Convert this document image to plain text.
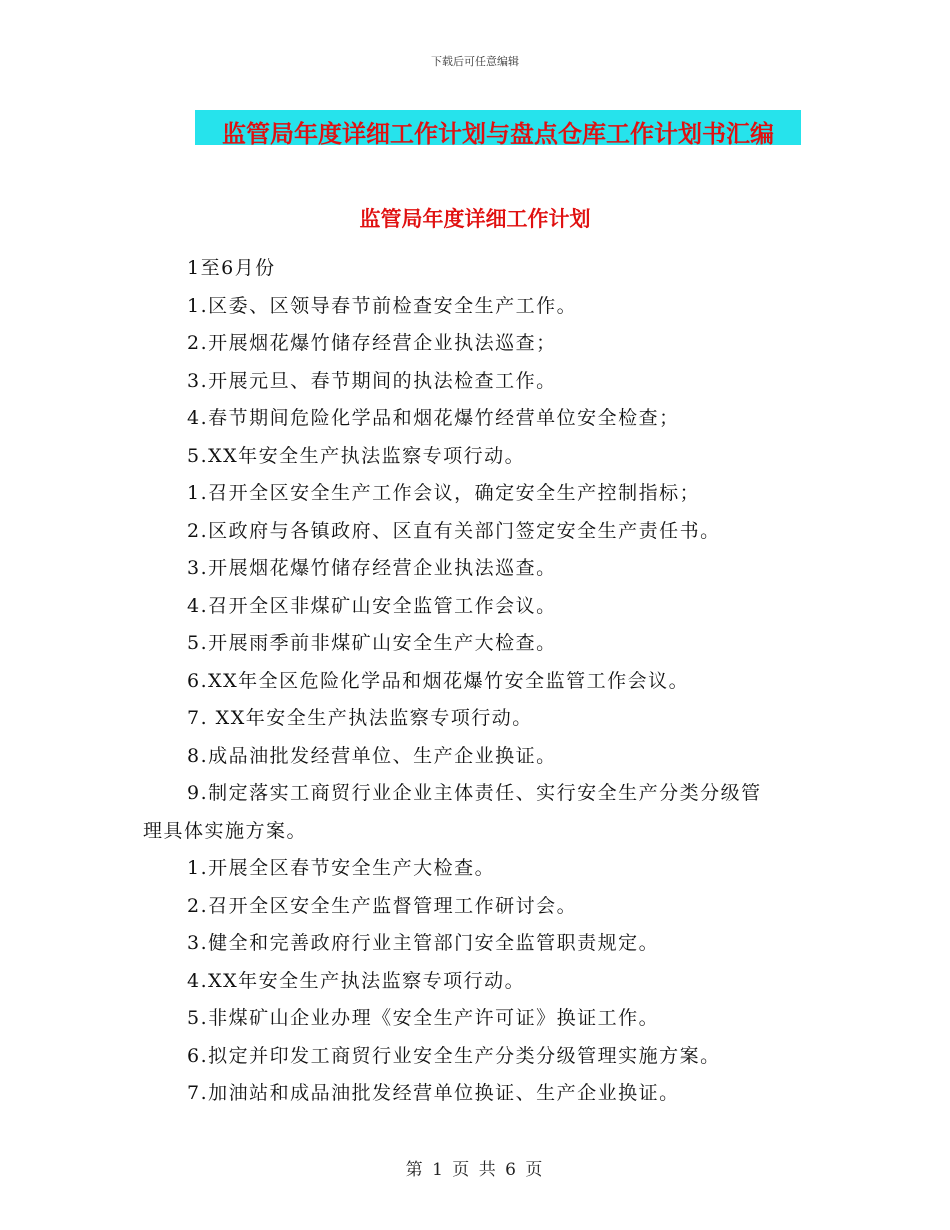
下载后可任意编辑
监管局年度详细工作计划与盘点仓库工作计划书汇编
监管局年度详细工作计划
1至6月份
1.区委、区领导春节前检查安全生产工作。
2.开展烟花爆竹储存经营企业执法巡查；
3.开展元旦、春节期间的执法检查工作。
4.春节期间危险化学品和烟花爆竹经营单位安全检查；
5.XX年安全生产执法监察专项行动。
1.召开全区安全生产工作会议，确定安全生产控制指标；
2.区政府与各镇政府、区直有关部门签定安全生产责任书。
3.开展烟花爆竹储存经营企业执法巡查。
4.召开全区非煤矿山安全监管工作会议。
5.开展雨季前非煤矿山安全生产大检查。
6.XX年全区危险化学品和烟花爆竹安全监管工作会议。
7. XX年安全生产执法监察专项行动。
8.成品油批发经营单位、生产企业换证。
9.制定落实工商贸行业企业主体责任、实行安全生产分类分级管
理具体实施方案。
1.开展全区春节安全生产大检查。
2.召开全区安全生产监督管理工作研讨会。
3.健全和完善政府行业主管部门安全监管职责规定。
4.XX年安全生产执法监察专项行动。
5.非煤矿山企业办理《安全生产许可证》换证工作。
6.拟定并印发工商贸行业安全生产分类分级管理实施方案。
7.加油站和成品油批发经营单位换证、生产企业换证。
第 1 页 共 6 页
